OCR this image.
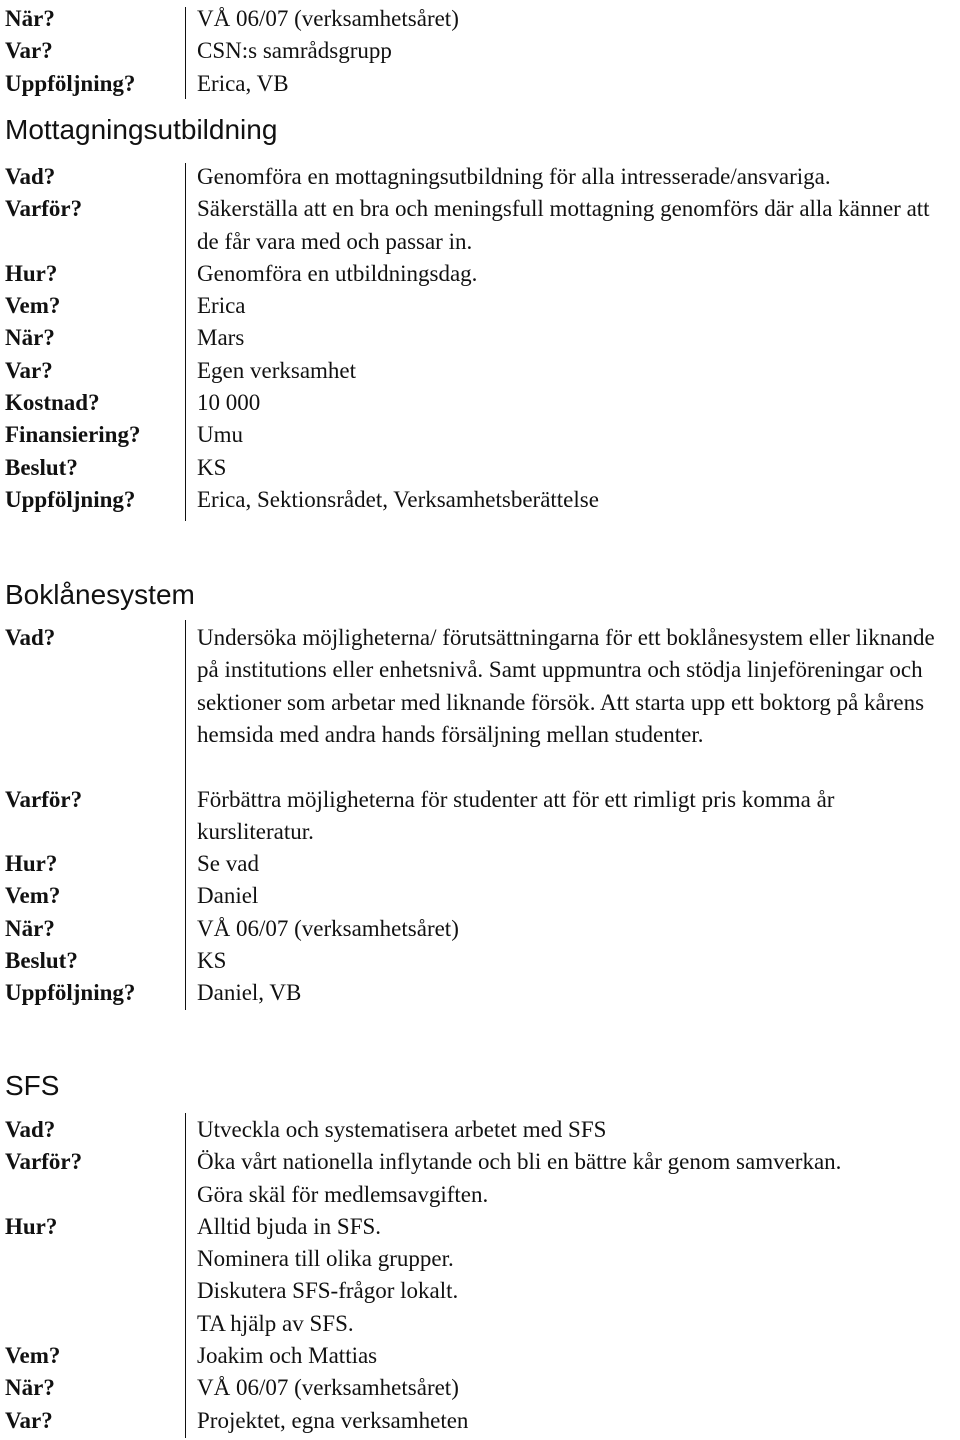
När?	VÅ 06/07 (verksamhetsåret)
Var?	CSN:s samrådsgrupp
Uppföljning?	Erica, VB
Mottagningsutbildning
Vad?	Genomföra en mottagningsutbildning för alla intresserade/ansvariga.
Varför?	Säkerställa att en bra och meningsfull mottagning genomförs där alla känner att de får vara med och passar in.
Hur?	Genomföra en utbildningsdag.
Vem?	Erica
När?	Mars
Var?	Egen verksamhet
Kostnad?	10 000
Finansiering? Umu
Beslut?	KS
Uppföljning?	Erica, Sektionsrådet, Verksamhetsberättelse
Boklånesystem
Vad?	Undersöka möjligheterna/ förutsättningarna för ett boklånesystem eller liknande på institutions eller enhetsnivå. Samt uppmuntra och stödja linjeföreningar och sektioner som arbetar med liknande försök. Att starta upp ett boktorg på kårens hemsida med andra hands försäljning mellan studenter.
Varför?	Förbättra möjligheterna för studenter att för ett rimligt pris komma år kursliteratur.
Hur?	Se vad
Vem?	Daniel
När?	VÅ 06/07 (verksamhetsåret)
Beslut?	KS
Uppföljning?	Daniel, VB
SFS
Vad?	Utveckla och systematisera arbetet med SFS
Varför?	Öka vårt nationella inflytande och bli en bättre kår genom samverkan.
Göra skäl för medlemsavgiften.
Hur?	Alltid bjuda in SFS.
Nominera till olika grupper.
Diskutera SFS-frågor lokalt.
TA hjälp av SFS.
Vem?	Joakim och Mattias
När?	VÅ 06/07 (verksamhetsåret)
Var?	Projektet, egna verksamheten
